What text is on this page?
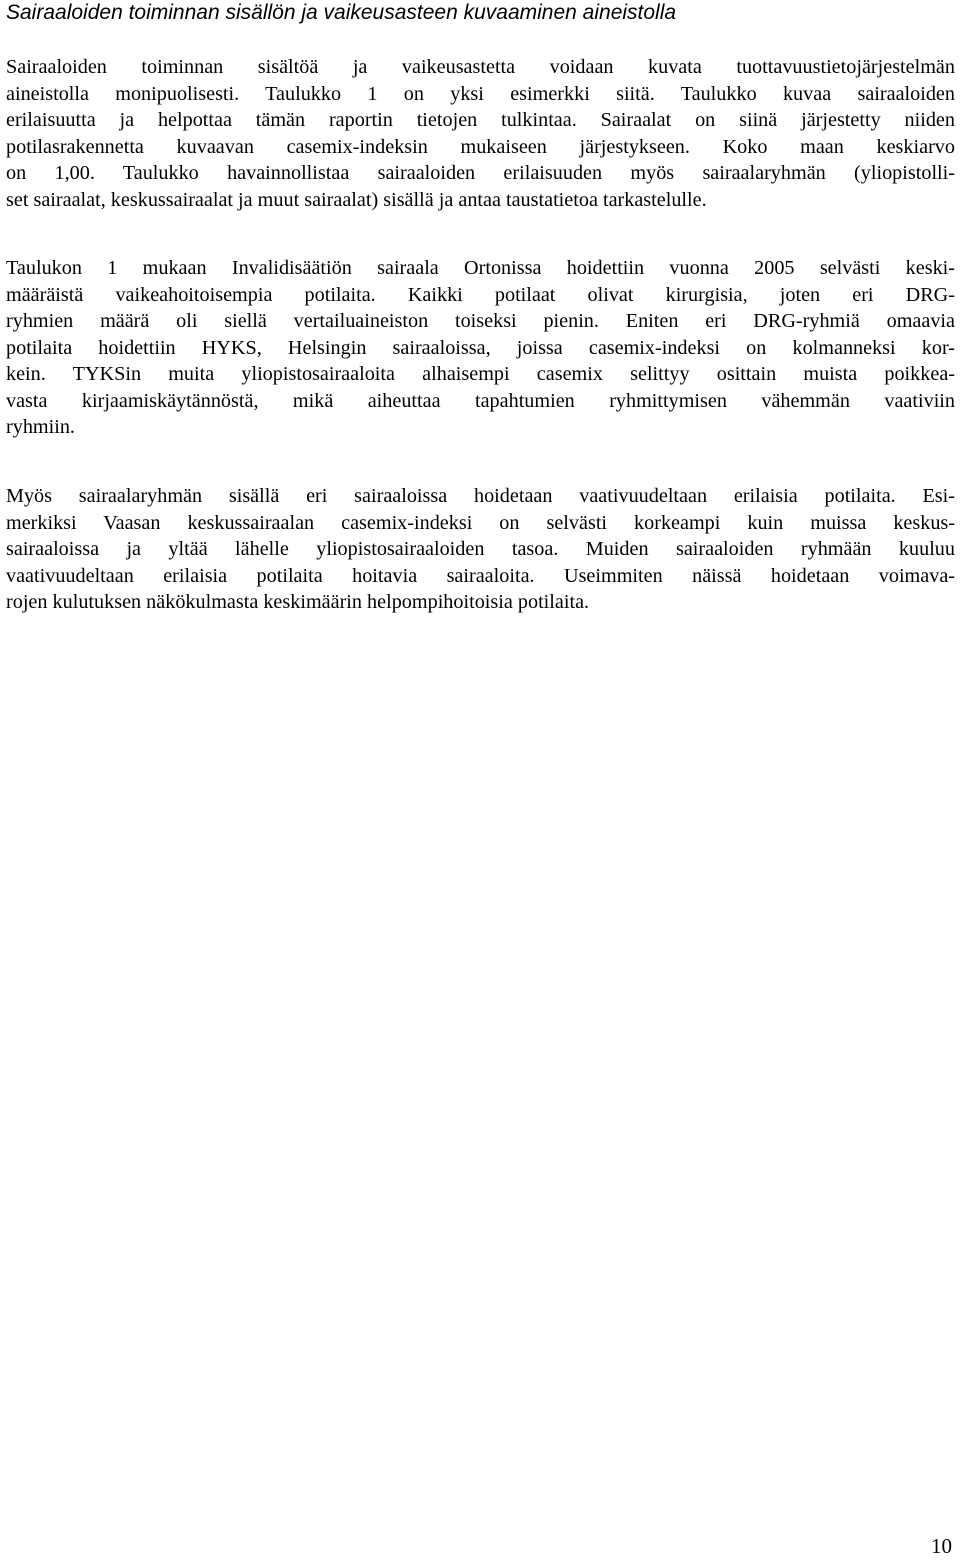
Sairaaloiden toiminnan sisällön ja vaikeusasteen kuvaaminen aineistolla

Sairaaloiden toiminnan sisältöä ja vaikeusastetta voidaan kuvata tuottavuustietojärjestelmän
aineistolla monipuolisesti. Taulukko 1 on yksi esimerkki siitä. Taulukko kuvaa sairaaloiden
erilaisuutta ja helpottaa tämän raportin tietojen tulkintaa. Sairaalat on siinä järjestetty niiden
potilasrakennetta kuvaavan casemix-indeksin mukaiseen järjestykseen. Koko maan keskiarvo
on 1,00. Taulukko havainnollistaa sairaaloiden erilaisuuden myös sairaalaryhmän (yliopistolli-
set sairaalat, keskussairaalat ja muut sairaalat) sisällä ja antaa taustatietoa tarkastelulle.

Taulukon 1 mukaan Invalidisäätiön sairaala Ortonissa hoidettiin vuonna 2005 selvästi keski-
määräistä vaikeahoitoisempia potilaita. Kaikki potilaat olivat kirurgisia, joten eri DRG-
ryhmien määrä oli siellä vertailuaineiston toiseksi pienin. Eniten eri DRG-ryhmiä omaavia
potilaita hoidettiin HYKS, Helsingin sairaaloissa, joissa casemix-indeksi on kolmanneksi kor-
kein. TYKSin muita yliopistosairaaloita alhaisempi casemix selittyy osittain muista poikkea-
vasta kirjaamiskäytännöstä, mikä aiheuttaa tapahtumien ryhmittymisen vähemmän vaativiin
ryhmiin.

Myös sairaalaryhmän sisällä eri sairaaloissa hoidetaan vaativuudeltaan erilaisia potilaita. Esi-
merkiksi Vaasan keskussairaalan casemix-indeksi on selvästi korkeampi kuin muissa keskus-
sairaaloissa ja yltää lähelle yliopistosairaaloiden tasoa. Muiden sairaaloiden ryhmään kuuluu
vaativuudeltaan erilaisia potilaita hoitavia sairaaloita. Useimmiten näissä hoidetaan voimava-
rojen kulutuksen näkökulmasta keskimäärin helpompihoitoisia potilaita.

10
